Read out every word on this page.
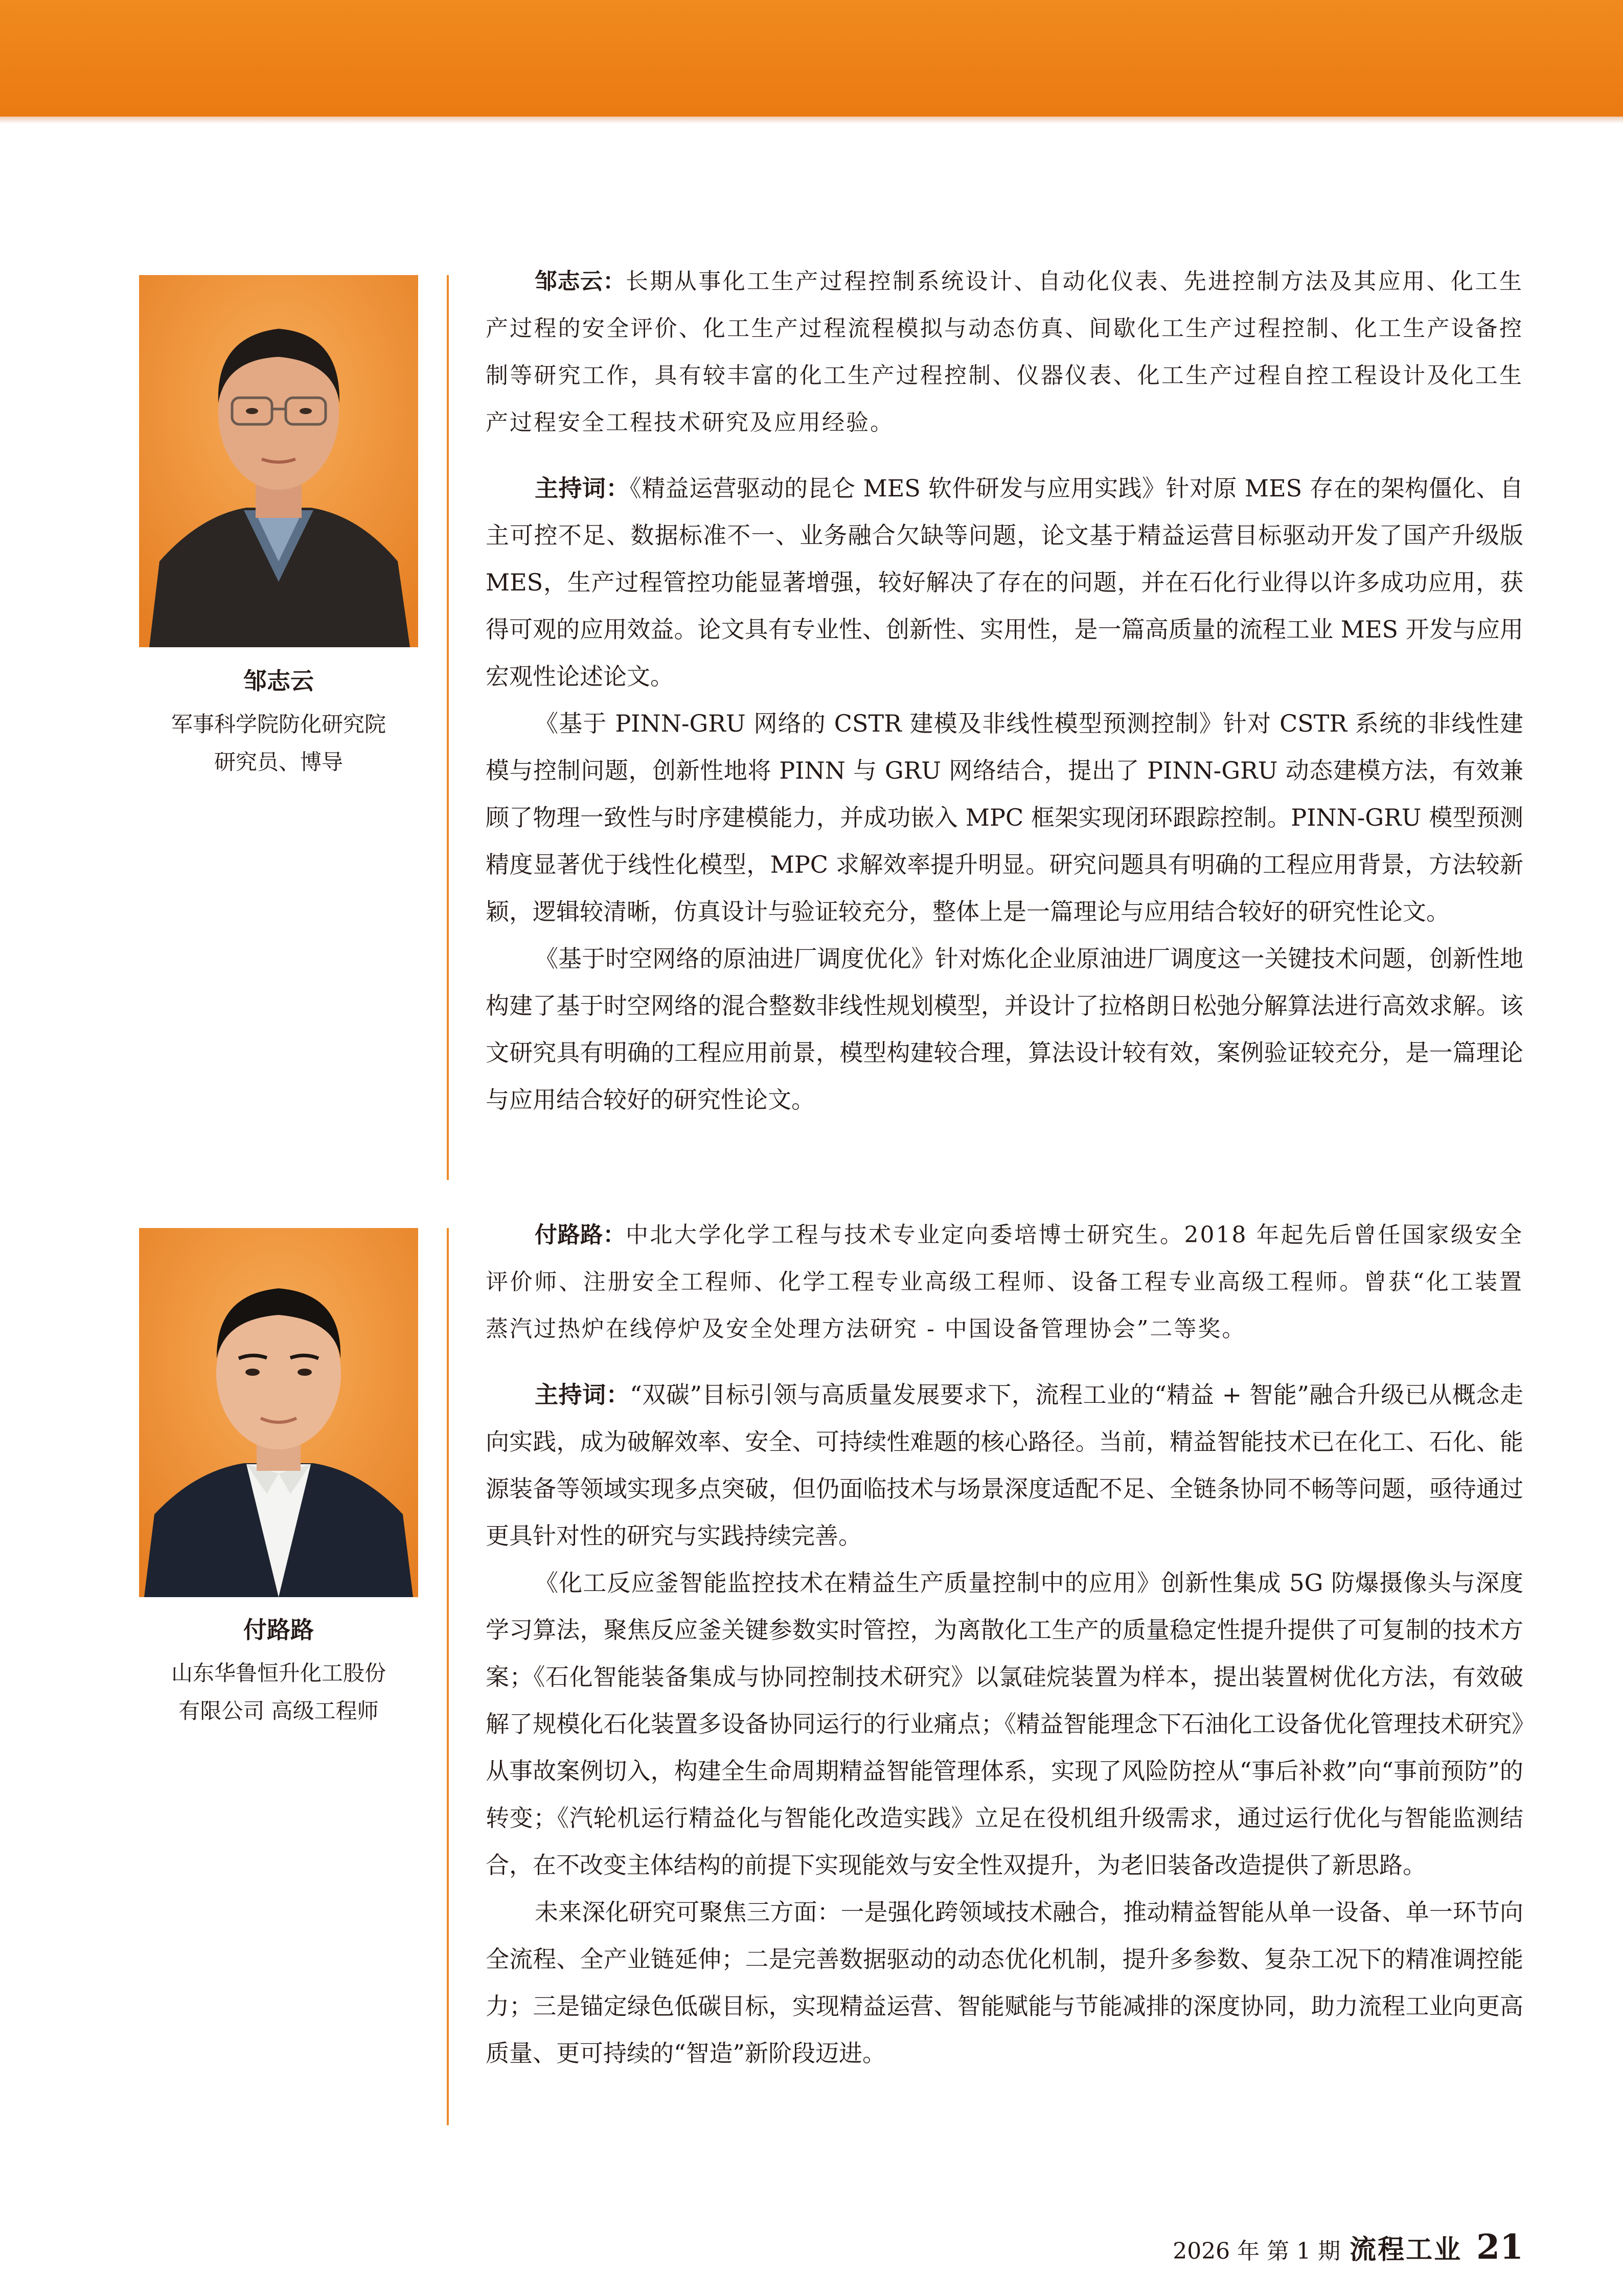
邹志云
军事科学院防化研究院
研究员、博导

邹志云：长期从事化工生产过程控制系统设计、自动化仪表、先进控制方法及其应用、化工生产过程的安全评价、化工生产过程流程模拟与动态仿真、间歇化工生产过程控制、化工生产设备控制等研究工作，具有较丰富的化工生产过程控制、仪器仪表、化工生产过程自控工程设计及化工生产过程安全工程技术研究及应用经验。

主持词：《精益运营驱动的昆仑 MES 软件研发与应用实践》针对原 MES 存在的架构僵化、自主可控不足、数据标准不一、业务融合欠缺等问题，论文基于精益运营目标驱动开发了国产升级版 MES，生产过程管控功能显著增强，较好解决了存在的问题，并在石化行业得以许多成功应用，获得可观的应用效益。论文具有专业性、创新性、实用性，是一篇高质量的流程工业 MES 开发与应用宏观性论述论文。

《基于 PINN-GRU 网络的 CSTR 建模及非线性模型预测控制》针对 CSTR 系统的非线性建模与控制问题，创新性地将 PINN 与 GRU 网络结合，提出了 PINN-GRU 动态建模方法，有效兼顾了物理一致性与时序建模能力，并成功嵌入 MPC 框架实现闭环跟踪控制。PINN-GRU 模型预测精度显著优于线性化模型，MPC 求解效率提升明显。研究问题具有明确的工程应用背景，方法较新颖，逻辑较清晰，仿真设计与验证较充分，整体上是一篇理论与应用结合较好的研究性论文。

《基于时空网络的原油进厂调度优化》针对炼化企业原油进厂调度这一关键技术问题，创新性地构建了基于时空网络的混合整数非线性规划模型，并设计了拉格朗日松弛分解算法进行高效求解。该文研究具有明确的工程应用前景，模型构建较合理，算法设计较有效，案例验证较充分，是一篇理论与应用结合较好的研究性论文。

付路路
山东华鲁恒升化工股份
有限公司 高级工程师

付路路：中北大学化学工程与技术专业定向委培博士研究生。2018 年起先后曾任国家级安全评价师、注册安全工程师、化学工程专业高级工程师、设备工程专业高级工程师。曾获“化工装置蒸汽过热炉在线停炉及安全处理方法研究 - 中国设备管理协会”二等奖。

主持词：“双碳”目标引领与高质量发展要求下，流程工业的“精益 + 智能”融合升级已从概念走向实践，成为破解效率、安全、可持续性难题的核心路径。当前，精益智能技术已在化工、石化、能源装备等领域实现多点突破，但仍面临技术与场景深度适配不足、全链条协同不畅等问题，亟待通过更具针对性的研究与实践持续完善。

《化工反应釜智能监控技术在精益生产质量控制中的应用》创新性集成 5G 防爆摄像头与深度学习算法，聚焦反应釜关键参数实时管控，为离散化工生产的质量稳定性提升提供了可复制的技术方案；《石化智能装备集成与协同控制技术研究》以氯硅烷装置为样本，提出装置树优化方法，有效破解了规模化石化装置多设备协同运行的行业痛点；《精益智能理念下石油化工设备优化管理技术研究》从事故案例切入，构建全生命周期精益智能管理体系，实现了风险防控从“事后补救”向“事前预防”的转变；《汽轮机运行精益化与智能化改造实践》立足在役机组升级需求，通过运行优化与智能监测结合，在不改变主体结构的前提下实现能效与安全性双提升，为老旧装备改造提供了新思路。

未来深化研究可聚焦三方面：一是强化跨领域技术融合，推动精益智能从单一设备、单一环节向全流程、全产业链延伸；二是完善数据驱动的动态优化机制，提升多参数、复杂工况下的精准调控能力；三是锚定绿色低碳目标，实现精益运营、智能赋能与节能减排的深度协同，助力流程工业向更高质量、更可持续的“智造”新阶段迈进。

2026 年 第 1 期 流程工业 21
